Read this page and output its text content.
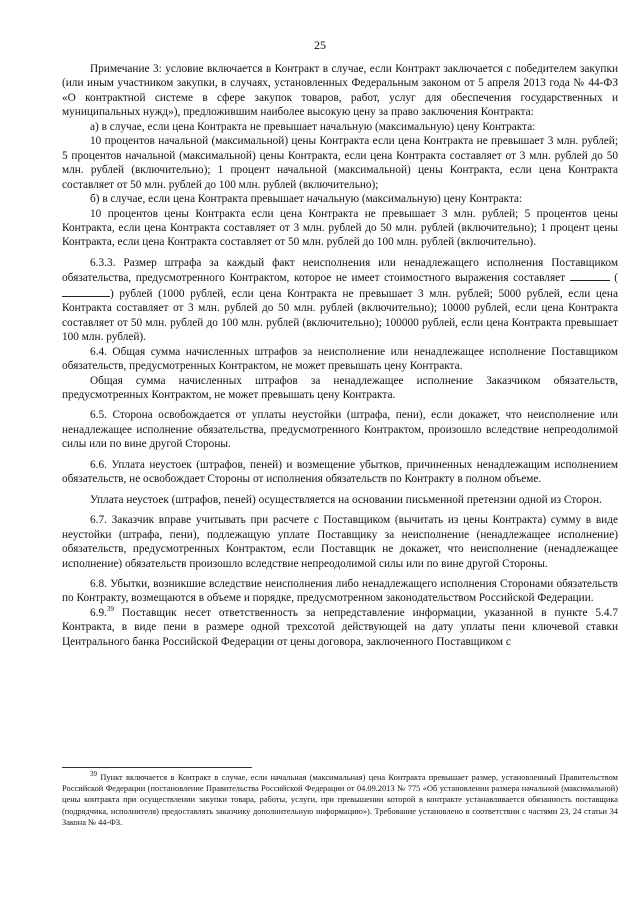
25

Примечание 3: условие включается в Контракт в случае, если Контракт заключается с победителем закупки (или иным участником закупки, в случаях, установленных Федеральным законом от 5 апреля 2013 года № 44-ФЗ «О контрактной системе в сфере закупок товаров, работ, услуг для обеспечения государственных и муниципальных нужд»), предложившим наиболее высокую цену за право заключения Контракта:

а) в случае, если цена Контракта не превышает начальную (максимальную) цену Контракта:

10 процентов начальной (максимальной) цены Контракта если цена Контракта не превышает 3 млн. рублей; 5 процентов начальной (максимальной) цены Контракта, если цена Контракта составляет от 3 млн. рублей до 50 млн. рублей (включительно); 1 процент начальной (максимальной) цены Контракта, если цена Контракта составляет от 50 млн. рублей до 100 млн. рублей (включительно);

б) в случае, если цена Контракта превышает начальную (максимальную) цену Контракта:

10 процентов цены Контракта если цена Контракта не превышает 3 млн. рублей; 5 процентов цены Контракта, если цена Контракта составляет от 3 млн. рублей до 50 млн. рублей (включительно); 1 процент цены Контракта, если цена Контракта составляет от 50 млн. рублей до 100 млн. рублей (включительно).

6.3.3. Размер штрафа за каждый факт неисполнения или ненадлежащего исполнения Поставщиком обязательства, предусмотренного Контрактом, которое не имеет стоимостного выражения составляет	() рублей (1000 рублей, если цена Контракта не превышает 3 млн. рублей; 5000 рублей, если цена Контракта составляет от 3 млн. рублей до 50 млн. рублей (включительно); 10000 рублей, если цена Контракта составляет от 50 млн. рублей до 100 млн. рублей (включительно); 100000 рублей, если цена Контракта превышает 100 млн. рублей).

6.4. Общая сумма начисленных штрафов за неисполнение или ненадлежащее исполнение Поставщиком обязательств, предусмотренных Контрактом, не может превышать цену Контракта.

Общая сумма начисленных штрафов за ненадлежащее исполнение Заказчиком обязательств, предусмотренных Контрактом, не может превышать цену Контракта.

6.5. Сторона освобождается от уплаты неустойки (штрафа, пени), если докажет, что неисполнение или ненадлежащее исполнение обязательства, предусмотренного Контрактом, произошло вследствие непреодолимой силы или по вине другой Стороны.

6.6. Уплата неустоек (штрафов, пеней) и возмещение убытков, причиненных ненадлежащим исполнением обязательств, не освобождает Стороны от исполнения обязательств по Контракту в полном объеме.

Уплата неустоек (штрафов, пеней) осуществляется на основании письменной претензии одной из Сторон.

6.7. Заказчик вправе учитывать при расчете с Поставщиком (вычитать из цены Контракта) сумму в виде неустойки (штрафа, пени), подлежащую уплате Поставщику за неисполнение (ненадлежащее исполнение) обязательств, предусмотренных Контрактом, если Поставщик не докажет, что неисполнение (ненадлежащее исполнение) обязательств произошло вследствие непреодолимой силы или по вине другой Стороны.

6.8. Убытки, возникшие вследствие неисполнения либо ненадлежащего исполнения Сторонами обязательств по Контракту, возмещаются в объеме и порядке, предусмотренном законодательством Российской Федерации.

6.9.39 Поставщик несет ответственность за непредставление информации, указанной в пункте 5.4.7 Контракта, в виде пени в размере одной трехсотой действующей на дату уплаты пени ключевой ставки Центрального банка Российской Федерации от цены договора, заключенного Поставщиком с

$^{39}$ Пункт включается в Контракт в случае, если начальная (максимальная) цена Контракта превышает размер, установленный Правительством Российской Федерации (постановление Правительства Российской Федерации от 04.09.2013 № 775 «Об установлении размера начальной (максимальной) цены контракта при осуществлении закупки товара, работы, услуги, при превышении которой в контракте устанавливается обязанность поставщика (подрядчика, исполнителя) предоставлять заказчику дополнительную информацию»). Требование установлено в соответствии с частями 23, 24 статьи 34 Закона № 44-ФЗ.
